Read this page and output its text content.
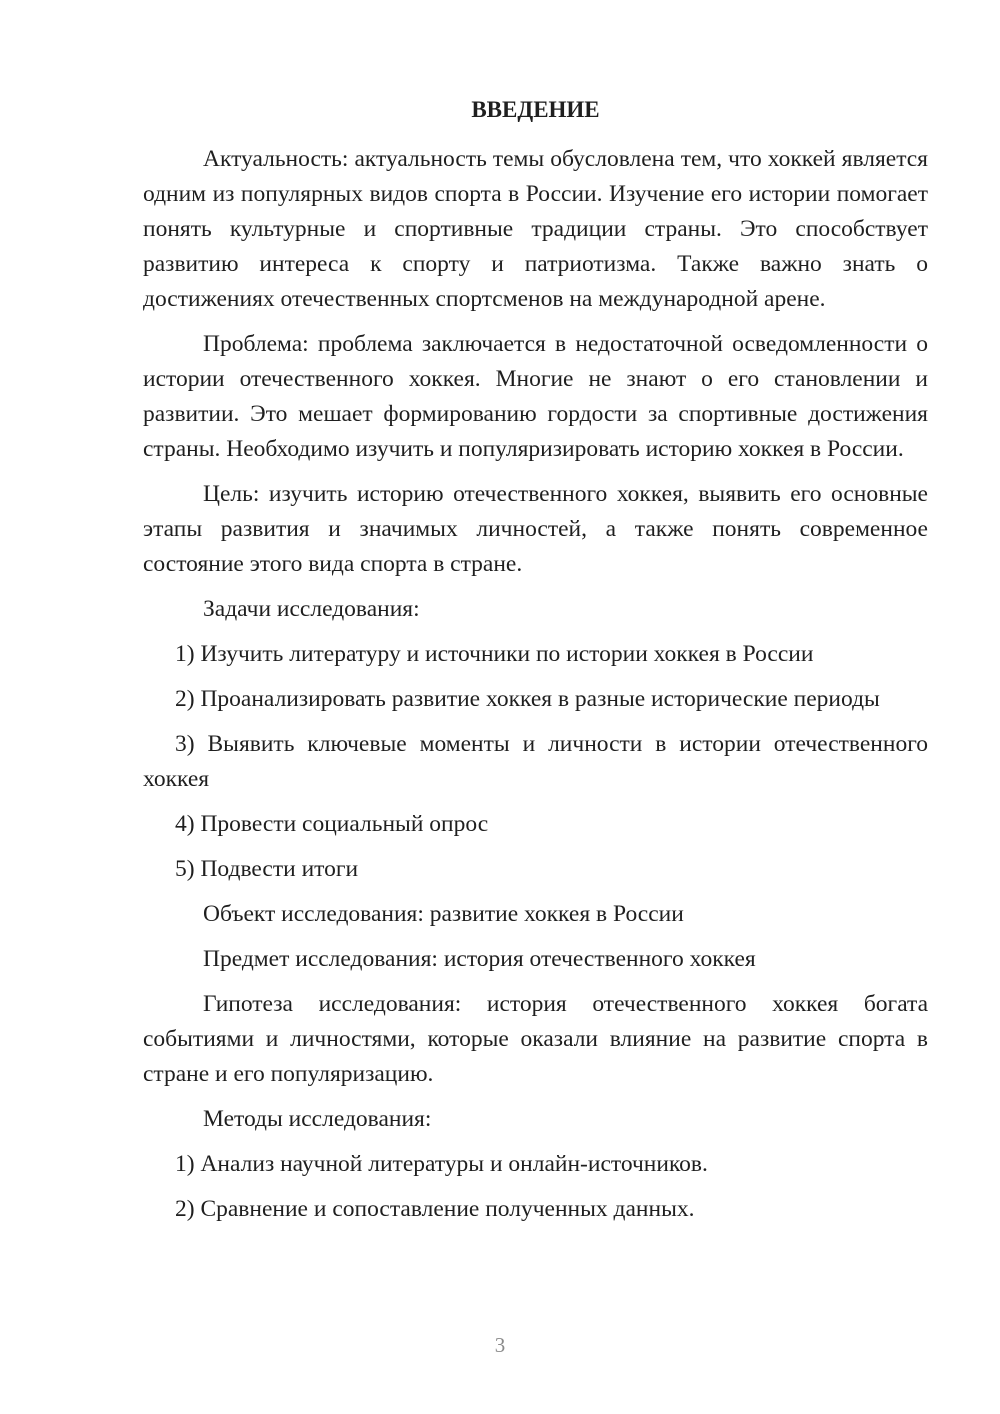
ВВЕДЕНИЕ

Актуальность: актуальность темы обусловлена тем, что хоккей является одним из популярных видов спорта в России. Изучение его истории помогает понять культурные и спортивные традиции страны. Это способствует развитию интереса к спорту и патриотизма. Также важно знать о достижениях отечественных спортсменов на международной арене.

Проблема: проблема заключается в недостаточной осведомленности о истории отечественного хоккея. Многие не знают о его становлении и развитии. Это мешает формированию гордости за спортивные достижения страны. Необходимо изучить и популяризировать историю хоккея в России.

Цель: изучить историю отечественного хоккея, выявить его основные этапы развития и значимых личностей, а также понять современное состояние этого вида спорта в стране.

Задачи исследования:
1) Изучить литературу и источники по истории хоккея в России
2) Проанализировать развитие хоккея в разные исторические периоды
3) Выявить ключевые моменты и личности в истории отечественного хоккея
4) Провести социальный опрос
5) Подвести итоги
Объект исследования: развитие хоккея в России
Предмет исследования: история отечественного хоккея

Гипотеза исследования: история отечественного хоккея богата событиями и личностями, которые оказали влияние на развитие спорта в стране и его популяризацию.

Методы исследования:
1) Анализ научной литературы и онлайн-источников.
2) Сравнение и сопоставление полученных данных.
3
